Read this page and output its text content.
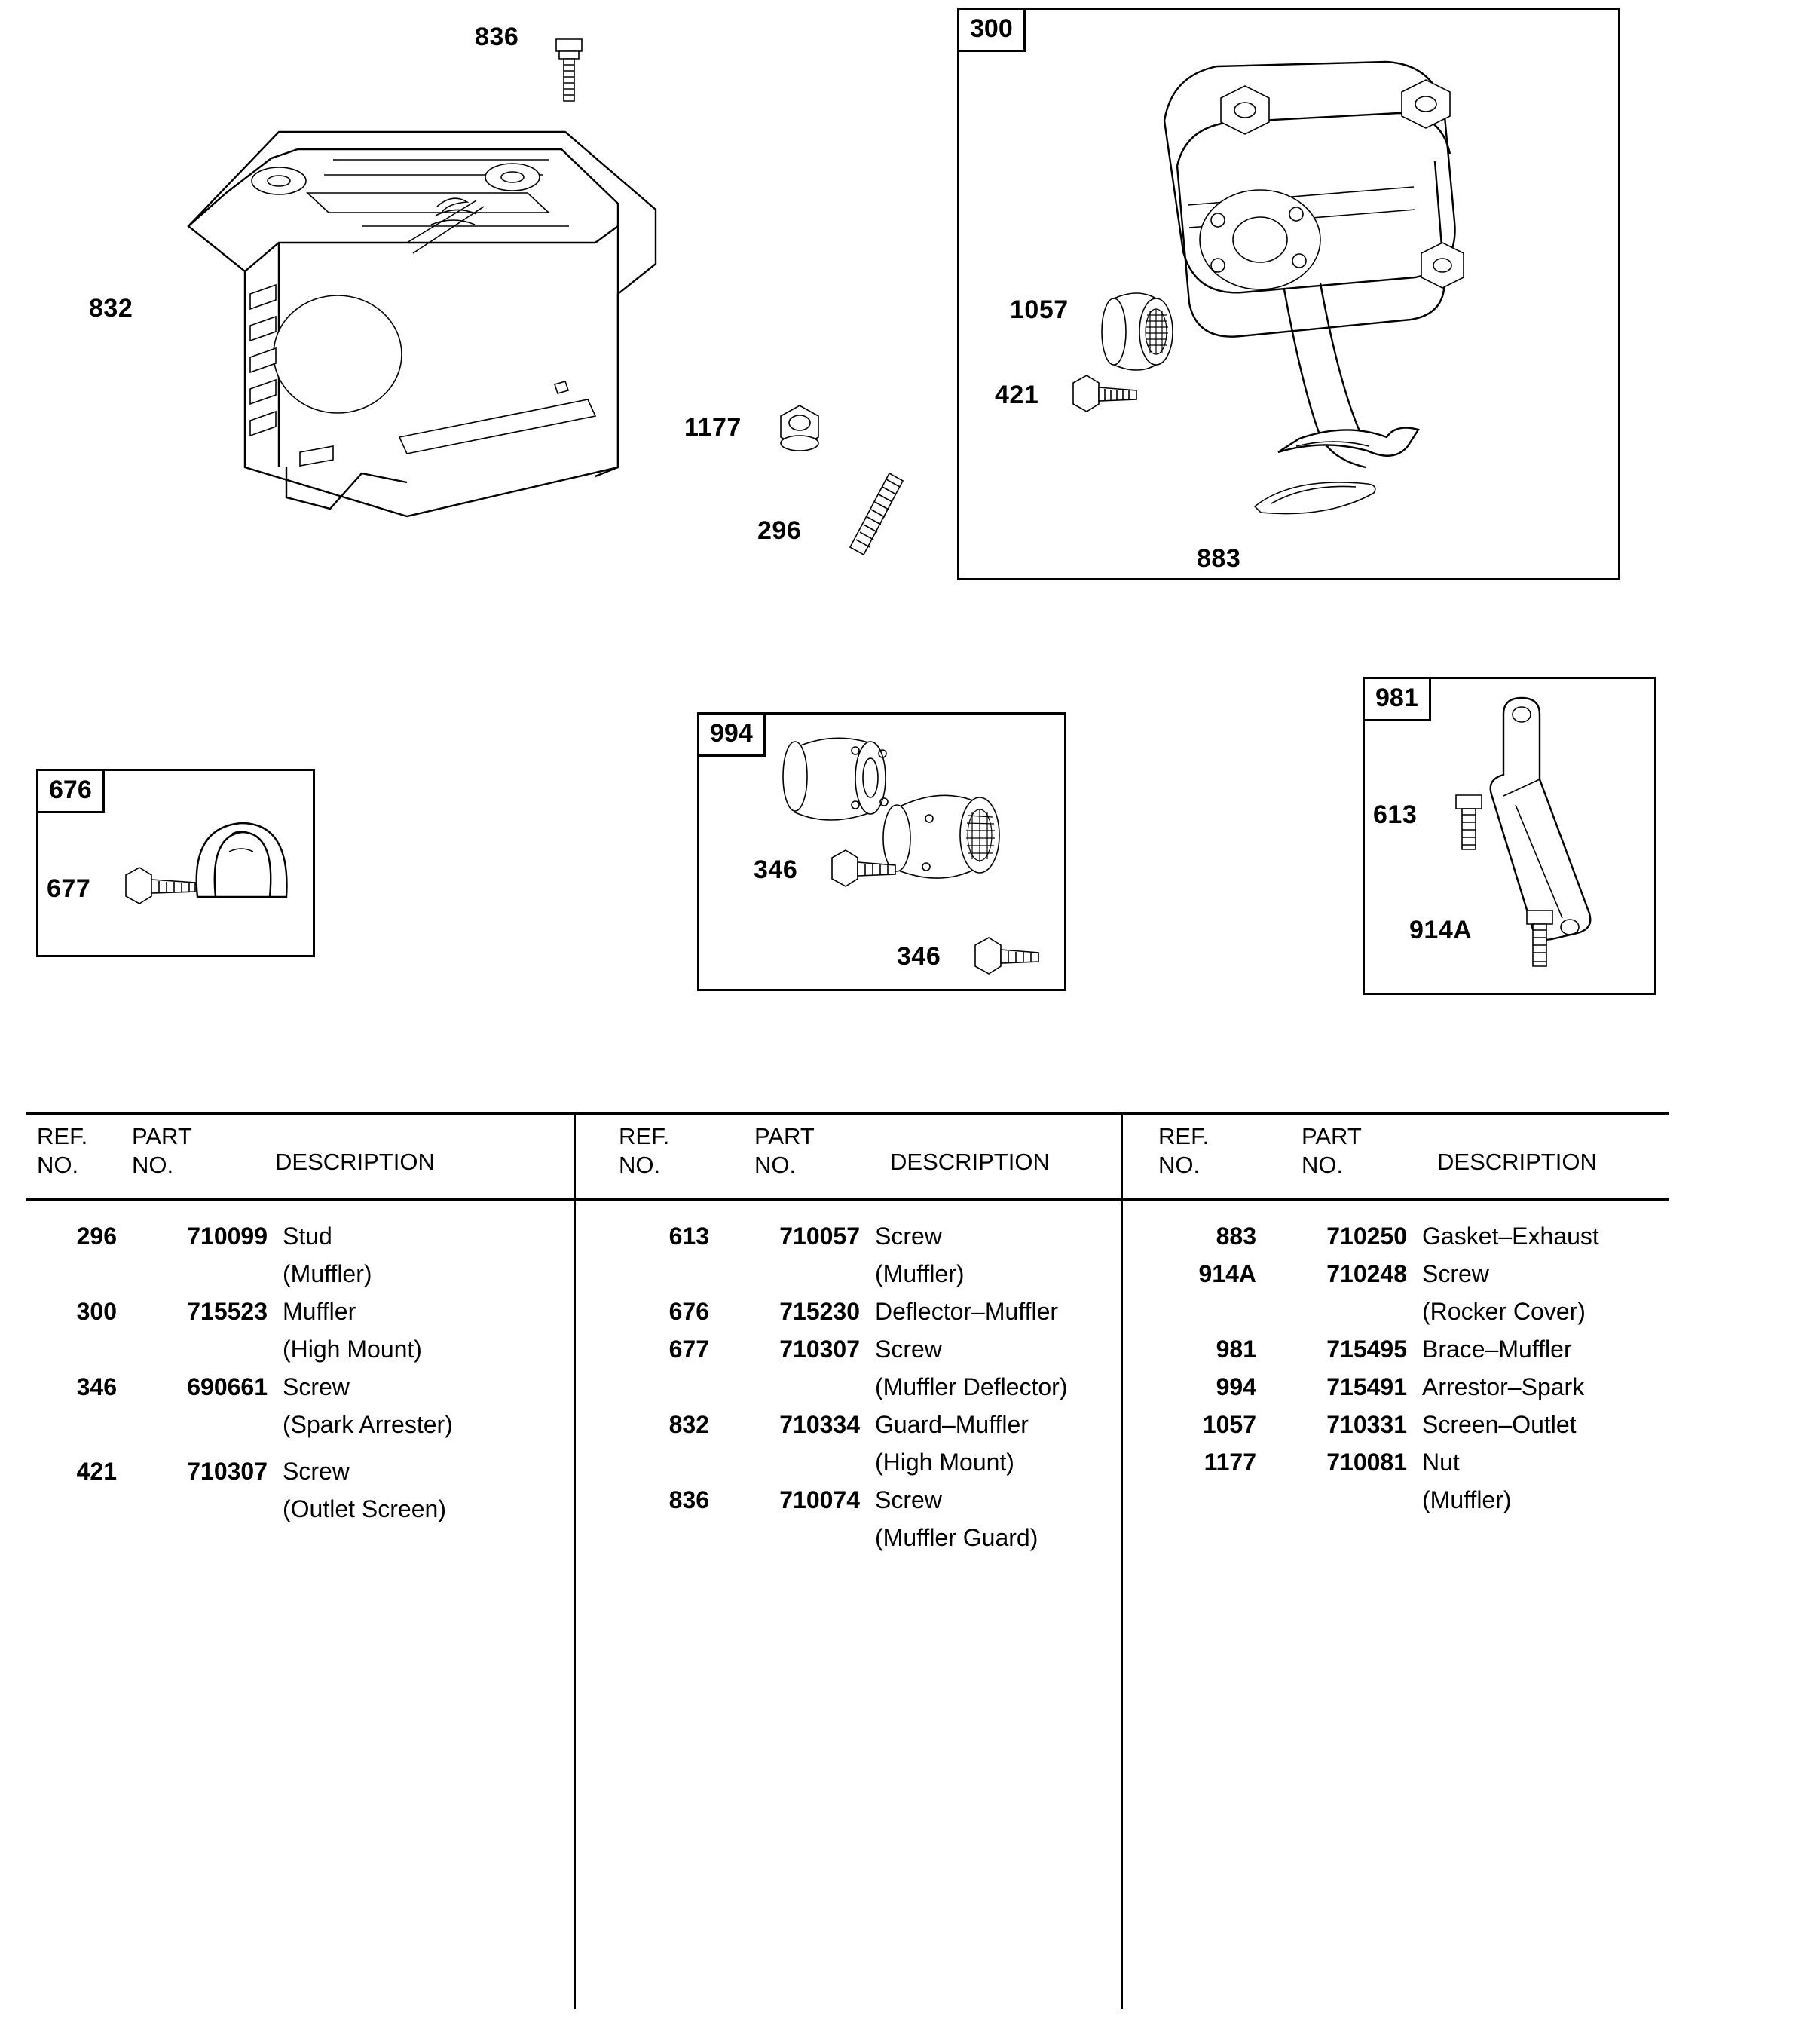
832
836
1177
296
300
1057
421
883
676
677
994
346
346
981
613
914A
REF.
NO.
PART
NO.	DESCRIPTION
296	710099 Stud
(Muffler)
300	715523 Muffler
(High Mount)
346	690661 Screw
(Spark Arrester)
421	710307 Screw
(Outlet Screen)
REF.
NO.
PART
NO.	DESCRIPTION
613	710057 Screw
(Muffler)
676	715230 Deflector–Muffler
677	710307 Screw
(Muffler Deflector)
832	710334 Guard–Muffler
(High Mount)
836	710074 Screw
(Muffler Guard)
REF.
NO.
PART
NO.	DESCRIPTION
883	710250 Gasket–Exhaust
914A	710248 Screw
(Rocker Cover)
981	715495 Brace–Muffler
994	715491 Arrestor–Spark
1057	710331 Screen–Outlet
1177	710081 Nut
(Muffler)
